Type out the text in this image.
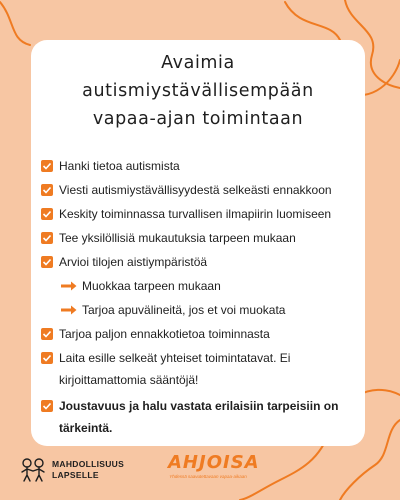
Avaimia
autismiystävällisempään
vapaa-ajan toimintaan
Hanki tietoa autismista
Viesti autismiystävällisyydestä selkeästi ennakkoon
Keskity toiminnassa turvallisen ilmapiirin luomiseen
Tee yksilöllisiä mukautuksia tarpeen mukaan
Arvioi tilojen aistiympäristöä
Muokkaa tarpeen mukaan
Tarjoa apuvälineitä, jos et voi muokata
Tarjoa paljon ennakkotietoa toiminnasta
Laita esille selkeät yhteiset toimintatavat. Ei kirjoittamattomia sääntöjä!
Joustavuus ja halu vastata erilaisiin tarpeisiin on tärkeintä.
MAHDOLLISUUS
LAPSELLE
AHJOISA
Yhdessä saavutettavaan vapaa-aikaan
